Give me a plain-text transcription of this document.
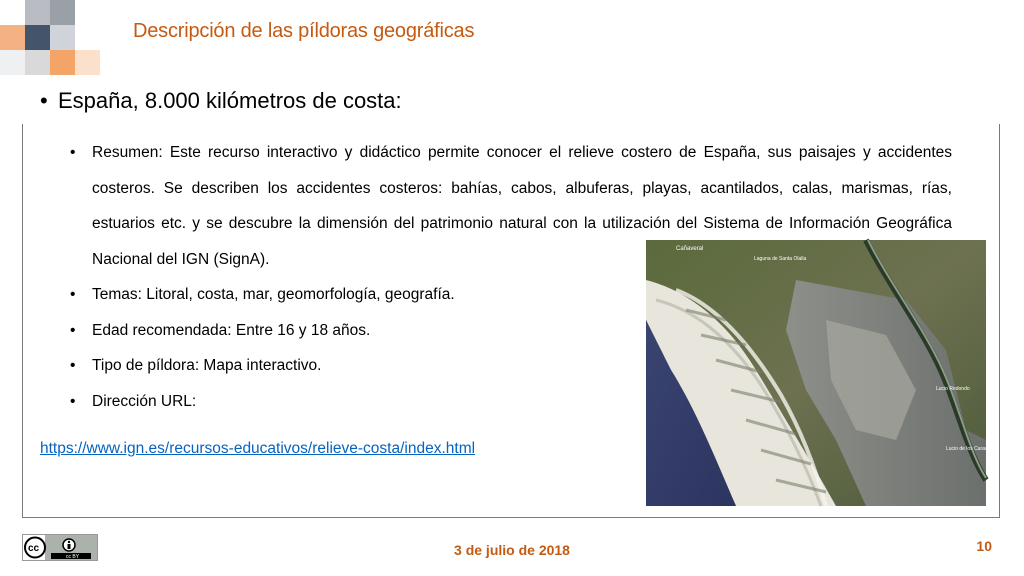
Descripción de las píldoras geográficas
• España, 8.000 kilómetros de costa:
• Resumen: Este recurso interactivo y didáctico permite conocer el relieve costero de España, sus paisajes y accidentes costeros. Se describen los accidentes costeros: bahías, cabos, albuferas, playas, acantilados, calas, marismas, rías, estuarios etc. y se descubre la dimensión del patrimonio natural con la utilización del Sistema de Información Geográfica Nacional del IGN (SignA).
• Temas: Litoral, costa, mar, geomorfología, geografía.
• Edad recomendada: Entre 16 y 18 años.
• Tipo de píldora: Mapa interactivo.
• Dirección URL:
https://www.ign.es/recursos-educativos/relieve-costa/index.html
Cañaveral
Laguna de Santa Olalla
Lucio Redondo
Lucio de los Caracoles
cc
cc BY	3 de julio de 2018	10
